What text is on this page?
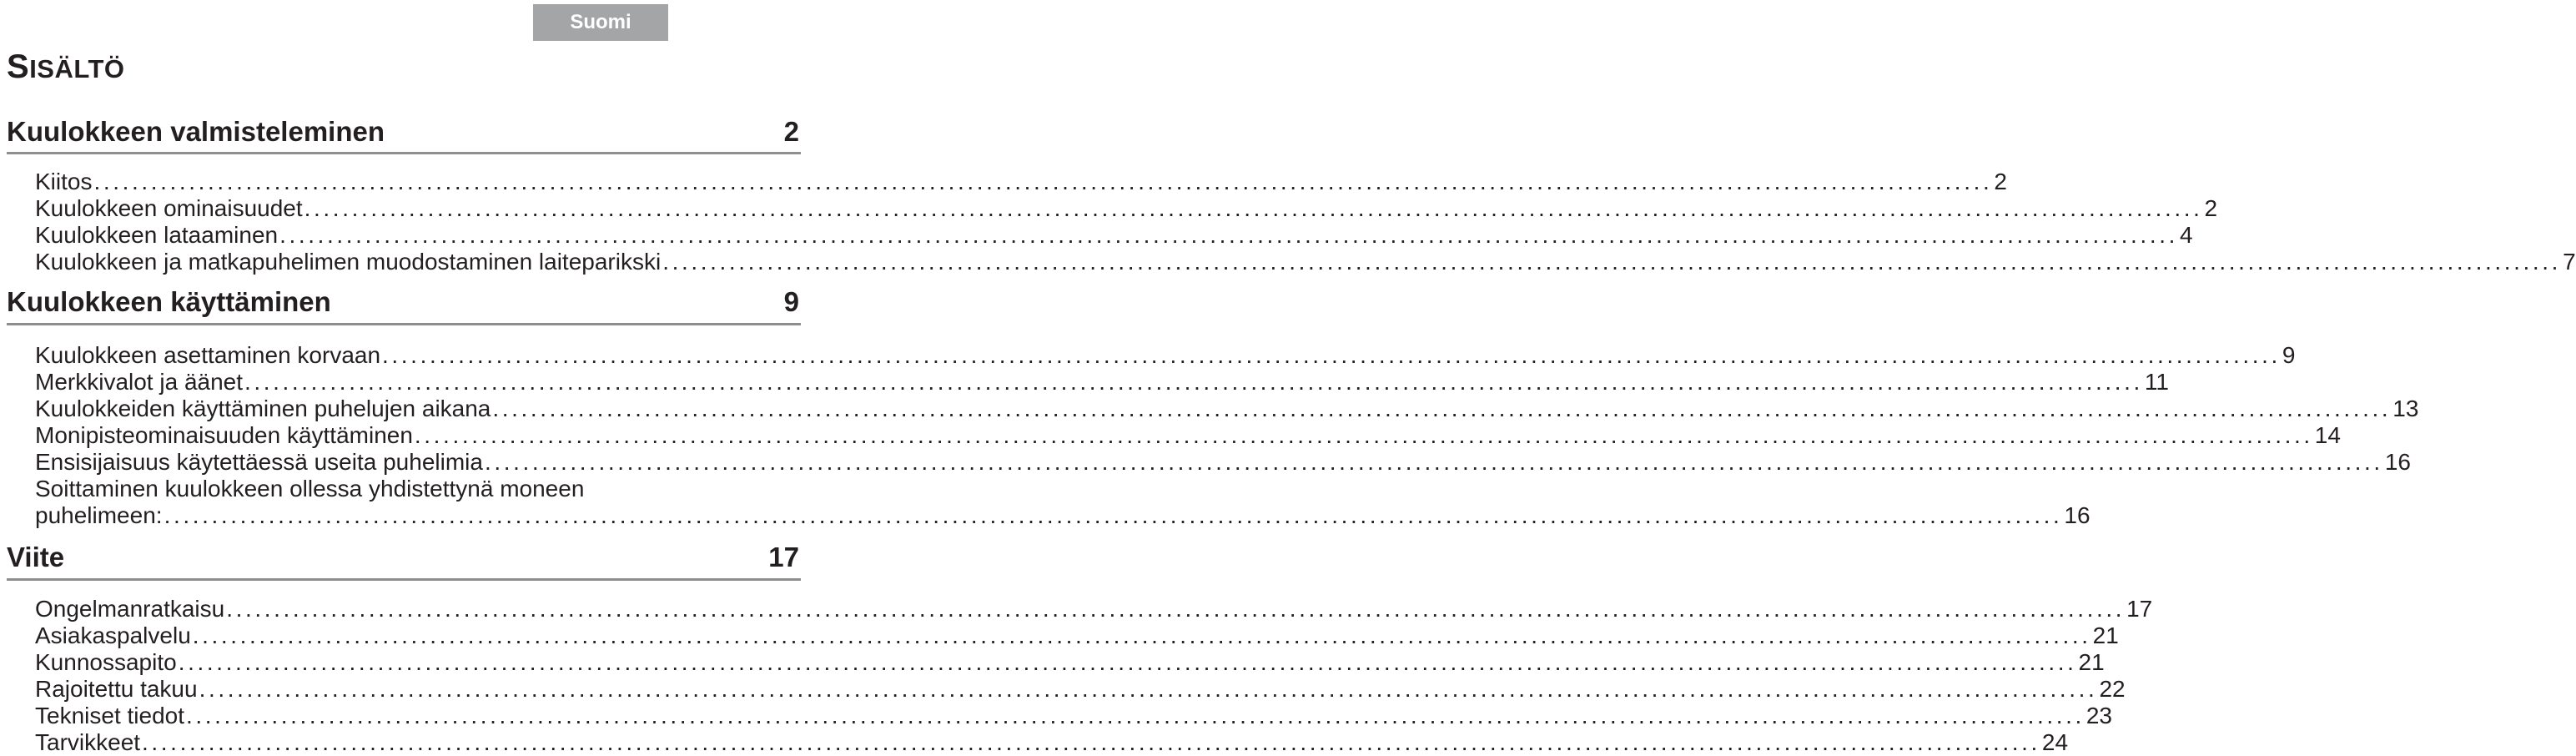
Suomi
SISÄLTÖ
Kuulokkeen valmisteleminen	2
Kiitos ........................................................................................................................................................................................................ 2
Kuulokkeen ominaisuudet ........................................................................................................................................................................................................ 2
Kuulokkeen lataaminen ........................................................................................................................................................................................................ 4
Kuulokkeen ja matkapuhelimen muodostaminen laiteparikski ........................................................................................................................................................................................................ 7
Kuulokkeen käyttäminen	9
Kuulokkeen asettaminen korvaan ........................................................................................................................................................................................................ 9
Merkkivalot ja äänet ........................................................................................................................................................................................................ 11
Kuulokkeiden käyttäminen puhelujen aikana ........................................................................................................................................................................................................ 13
Monipisteominaisuuden käyttäminen ........................................................................................................................................................................................................ 14
Ensisijaisuus käytettäessä useita puhelimia ........................................................................................................................................................................................................ 16
Soittaminen kuulokkeen ollessa yhdistettynä moneen
puhelimeen: ........................................................................................................................................................................................................ 16
Viite	17
Ongelmanratkaisu ........................................................................................................................................................................................................ 17
Asiakaspalvelu ........................................................................................................................................................................................................ 21
Kunnossapito ........................................................................................................................................................................................................ 21
Rajoitettu takuu ........................................................................................................................................................................................................ 22
Tekniset tiedot ........................................................................................................................................................................................................ 23
Tarvikkeet ........................................................................................................................................................................................................ 24
